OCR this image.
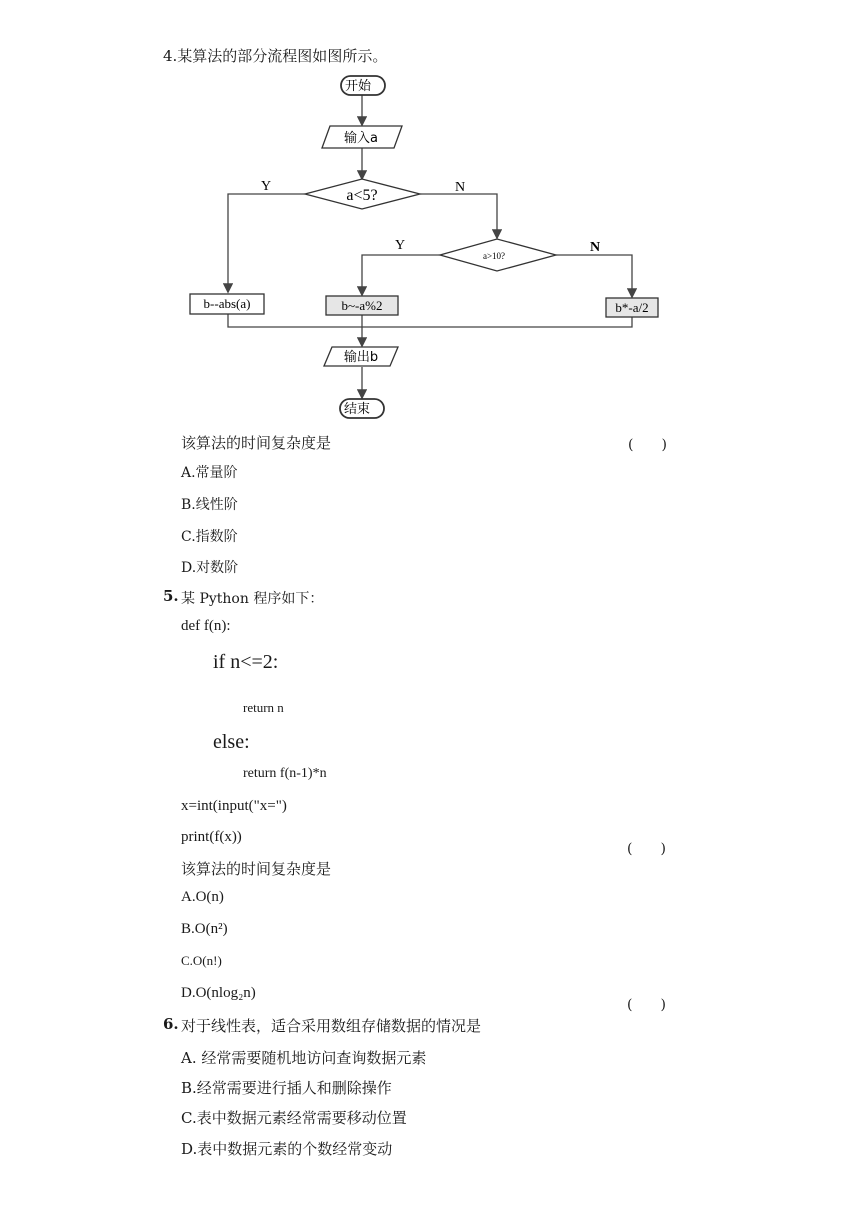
4.某算法的部分流程图如图所示。
开始
输入a
a<5?
Y	N
a>10?
Y	N
b--abs(a)	b~-a%2	b*-a/2
输出b
结束
该算法的时间复杂度是	(　　)
A.常量阶
B.线性阶
C.指数阶
D.对数阶
5. 某 Python 程序如下：
def f(n):
if n<=2:
return n
else:
return f(n-1)*n
x=int(input("x=")
print(f(x))
(　　)
该算法的时间复杂度是
A.O(n)
B.O(n²)
C.O(n!)
D.O(nlog₂n)
(　　)
6. 对于线性表，适合采用数组存储数据的情况是
A. 经常需要随机地访问查询数据元素
B.经常需要进行插人和删除操作
C.表中数据元素经常需要移动位置
D.表中数据元素的个数经常变动
